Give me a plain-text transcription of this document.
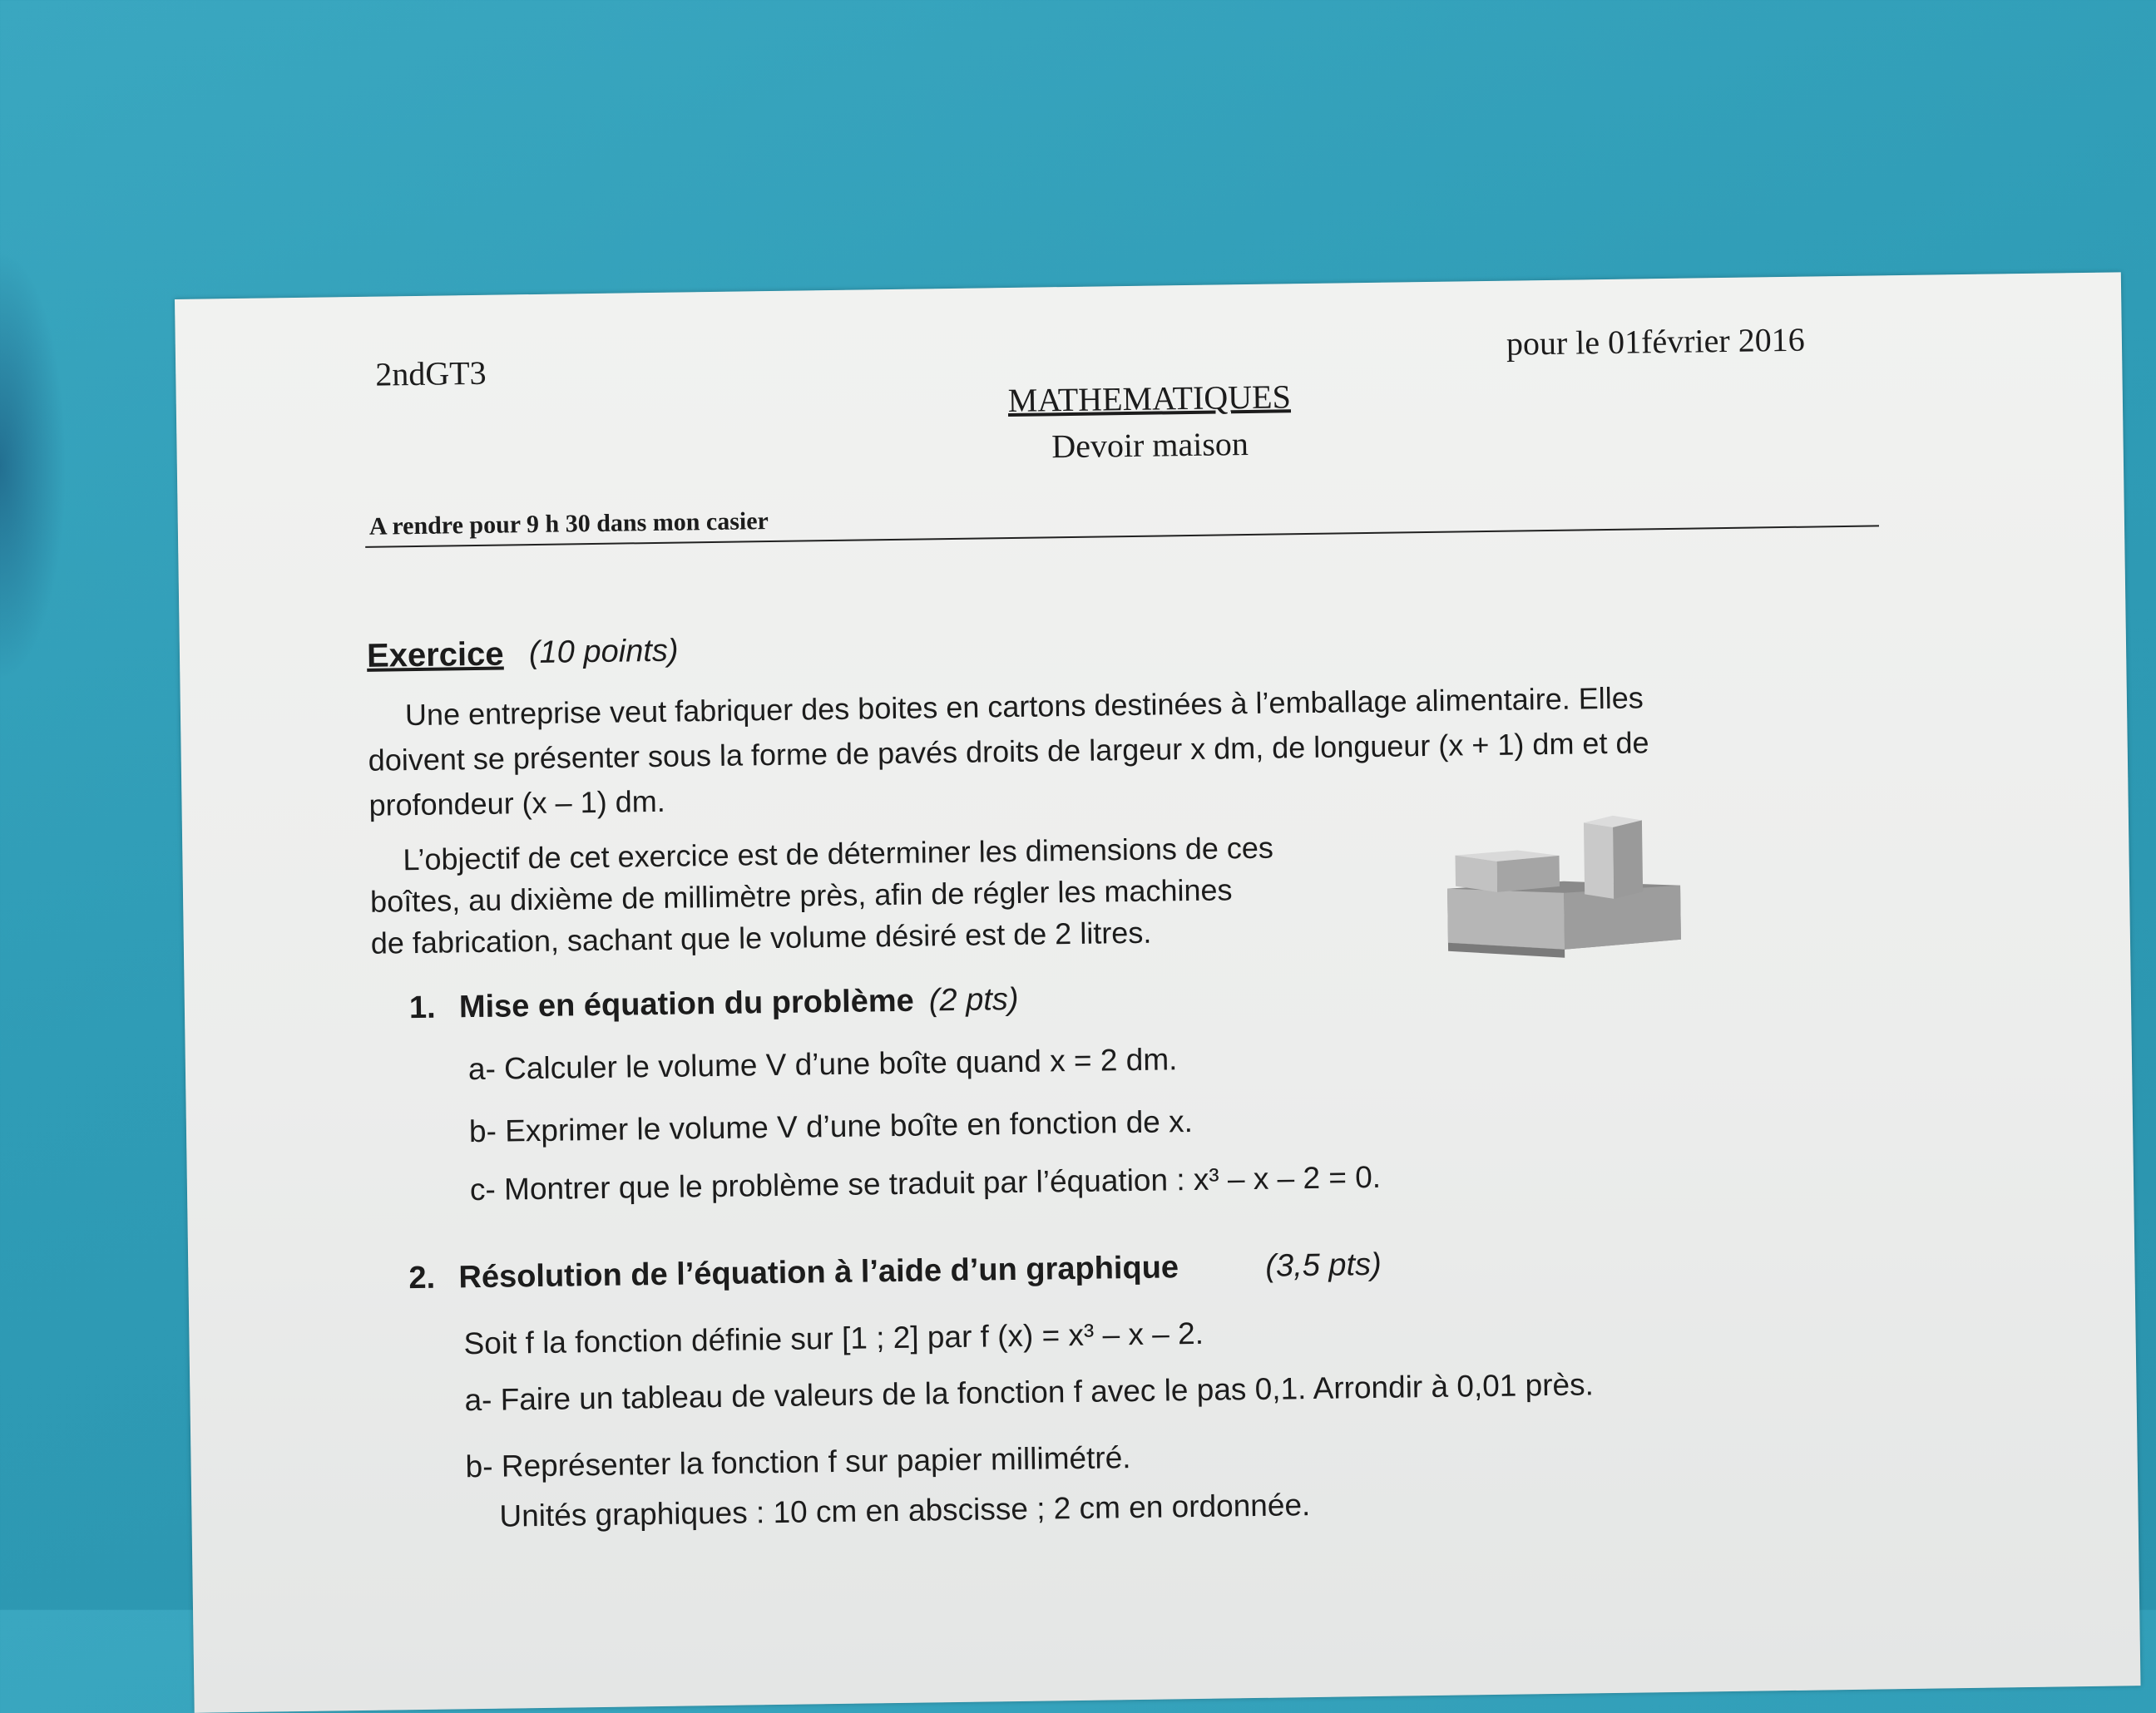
2ndGT3
pour le 01février 2016
MATHEMATIQUES
Devoir maison
A rendre pour 9 h 30 dans mon casier
Exercice (10 points)
Une entreprise veut fabriquer des boites en cartons destinées à l’emballage alimentaire. Elles
doivent se présenter sous la forme de pavés droits de largeur x dm, de longueur (x + 1) dm et de
profondeur (x – 1) dm.
L’objectif de cet exercice est de déterminer les dimensions de ces
boîtes, au dixième de millimètre près, afin de régler les machines
de fabrication, sachant que le volume désiré est de 2 litres.
1. Mise en équation du problème (2 pts)
a- Calculer le volume V d’une boîte quand x = 2 dm.
b- Exprimer le volume V d’une boîte en fonction de x.
c- Montrer que le problème se traduit par l’équation : x³ – x – 2 = 0.
2. Résolution de l’équation à l’aide d’un graphique	(3,5 pts)
Soit f la fonction définie sur [1 ; 2] par f (x) = x³ – x – 2.
a- Faire un tableau de valeurs de la fonction f avec le pas 0,1. Arrondir à 0,01 près.
b- Représenter la fonction f sur papier millimétré.
Unités graphiques : 10 cm en abscisse ; 2 cm en ordonnée.
